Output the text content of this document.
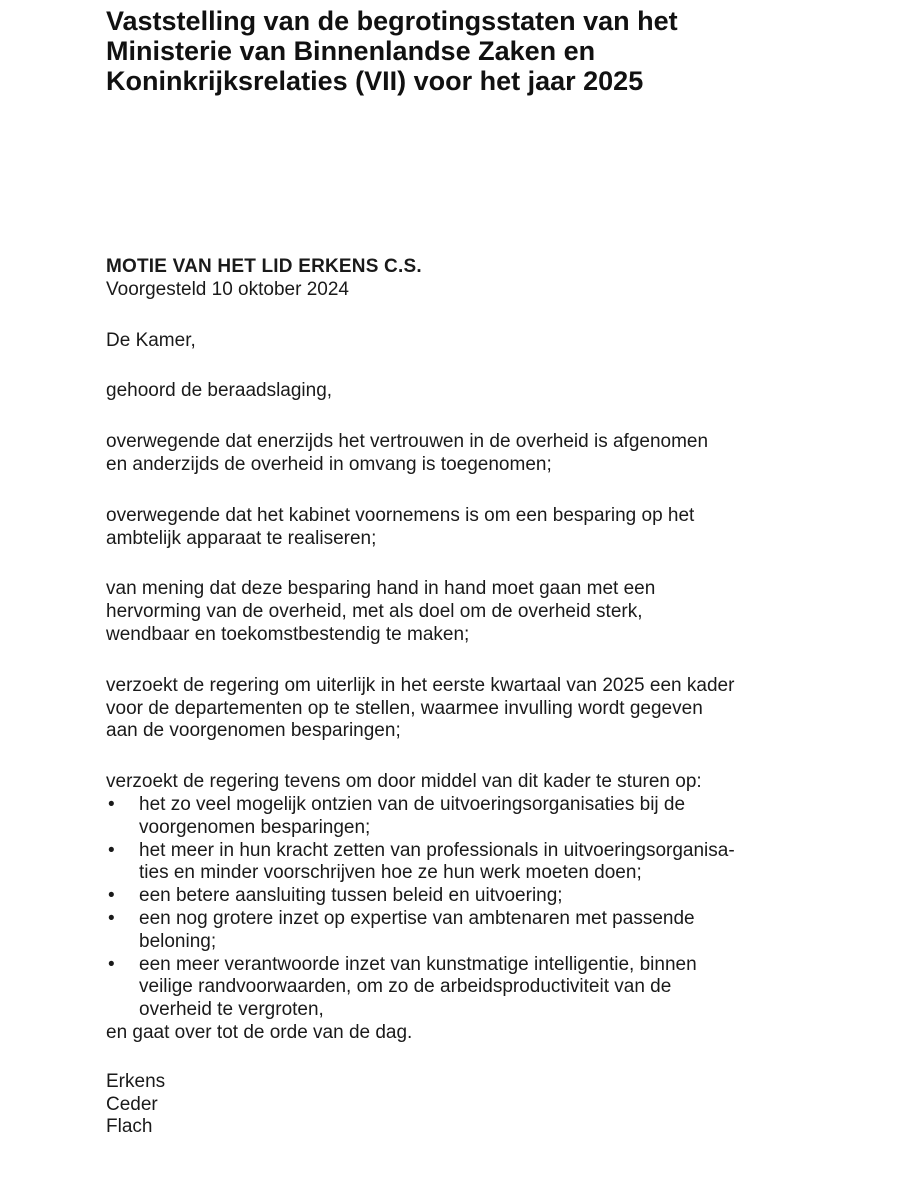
Vaststelling van de begrotingsstaten van het
Ministerie van Binnenlandse Zaken en
Koninkrijksrelaties (VII) voor het jaar 2025

MOTIE VAN HET LID ERKENS C.S.

Voorgesteld 10 oktober 2024

De Kamer,

gehoord de beraadslaging,

overwegende dat enerzijds het vertrouwen in de overheid is afgenomen
en anderzijds de overheid in omvang is toegenomen;

overwegende dat het kabinet voornemens is om een besparing op het
ambtelijk apparaat te realiseren;

van mening dat deze besparing hand in hand moet gaan met een
hervorming van de overheid, met als doel om de overheid sterk,
wendbaar en toekomstbestendig te maken;

verzoekt de regering om uiterlijk in het eerste kwartaal van 2025 een kader
voor de departementen op te stellen, waarmee invulling wordt gegeven
aan de voorgenomen besparingen;

verzoekt de regering tevens om door middel van dit kader te sturen op:

• het zo veel mogelijk ontzien van de uitvoeringsorganisaties bij de
voorgenomen besparingen;
• het meer in hun kracht zetten van professionals in uitvoeringsorganisa-
ties en minder voorschrijven hoe ze hun werk moeten doen;
• een betere aansluiting tussen beleid en uitvoering;
• een nog grotere inzet op expertise van ambtenaren met passende
beloning;
• een meer verantwoorde inzet van kunstmatige intelligentie, binnen
veilige randvoorwaarden, om zo de arbeidsproductiviteit van de
overheid te vergroten,

en gaat over tot de orde van de dag.

Erkens
Ceder
Flach
